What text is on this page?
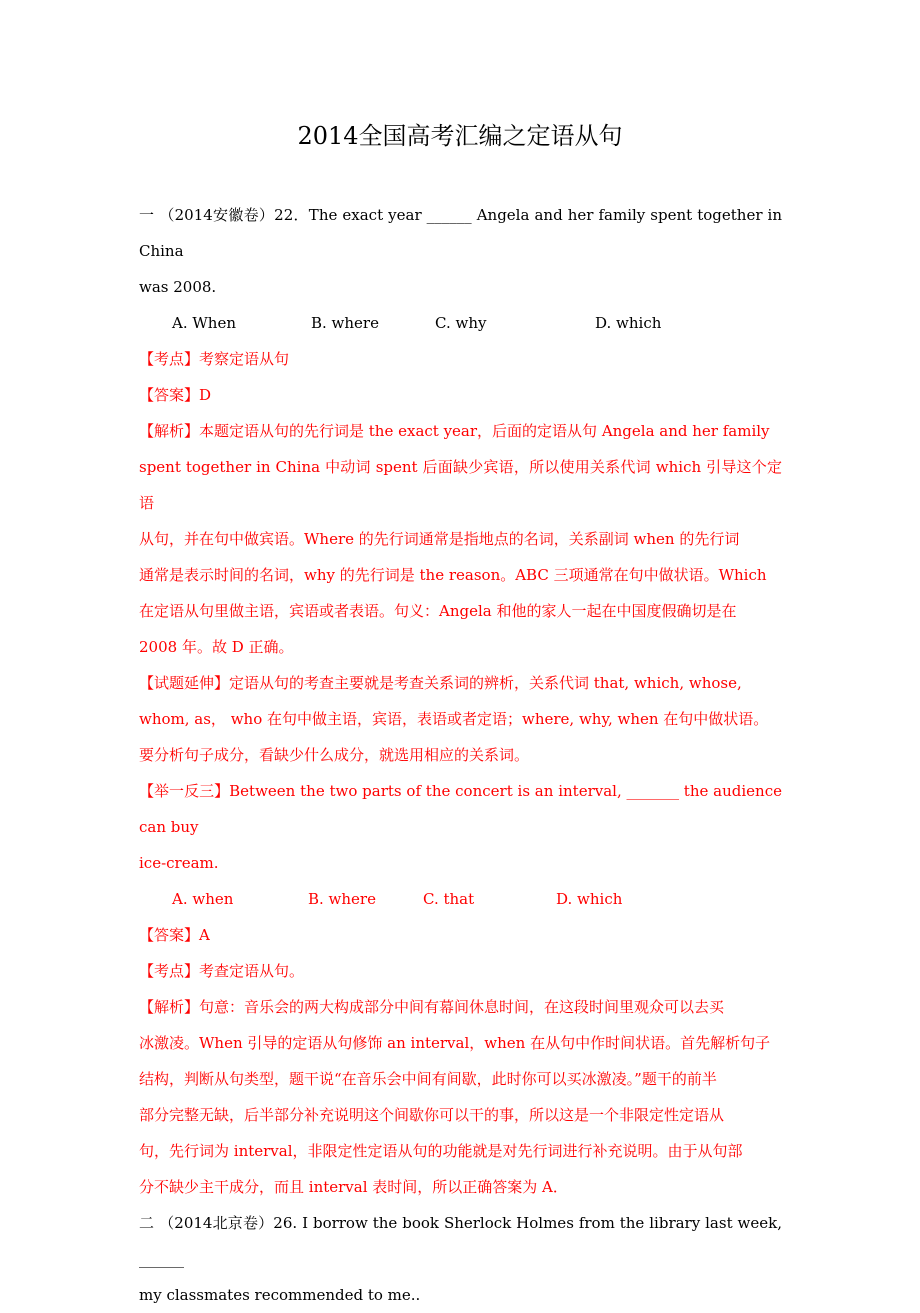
2014全国高考汇编之定语从句

一 （2014安徽卷）22．The exact year ______ Angela and her family spent together in China

was 2008.

A. When	B. where	C. why	D. which

【考点】考察定语从句

【答案】D

【解析】本题定语从句的先行词是 the exact year，后面的定语从句 Angela and her family

spent together in China 中动词 spent 后面缺少宾语，所以使用关系代词 which 引导这个定语

从句，并在句中做宾语。Where 的先行词通常是指地点的名词，关系副词 when 的先行词

通常是表示时间的名词，why 的先行词是 the reason。ABC 三项通常在句中做状语。Which

在定语从句里做主语，宾语或者表语。句义：Angela 和他的家人一起在中国度假确切是在

2008 年。故 D 正确。

【试题延伸】定语从句的考查主要就是考查关系词的辨析，关系代词 that, which, whose,

whom, as， who 在句中做主语，宾语，表语或者定语；where, why, when 在句中做状语。

要分析句子成分，看缺少什么成分，就选用相应的关系词。

【举一反三】Between the two parts of the concert is an interval, _______ the audience can buy

ice-cream.

A. when	B. where	C. that	D. which

【答案】A

【考点】考查定语从句。

【解析】句意：音乐会的两大构成部分中间有幕间休息时间，在这段时间里观众可以去买

冰激凌。When 引导的定语从句修饰 an interval，when 在从句中作时间状语。首先解析句子

结构，判断从句类型，题干说“在音乐会中间有间歇，此时你可以买冰激凌。”题干的前半

部分完整无缺，后半部分补充说明这个间歇你可以干的事，所以这是一个非限定性定语从

句，先行词为 interval，非限定性定语从句的功能就是对先行词进行补充说明。由于从句部

分不缺少主干成分，而且 interval 表时间，所以正确答案为 A．

二 （2014北京卷）26. I borrow the book Sherlock Holmes from the library last week, ______

my classmates recommended to me..
